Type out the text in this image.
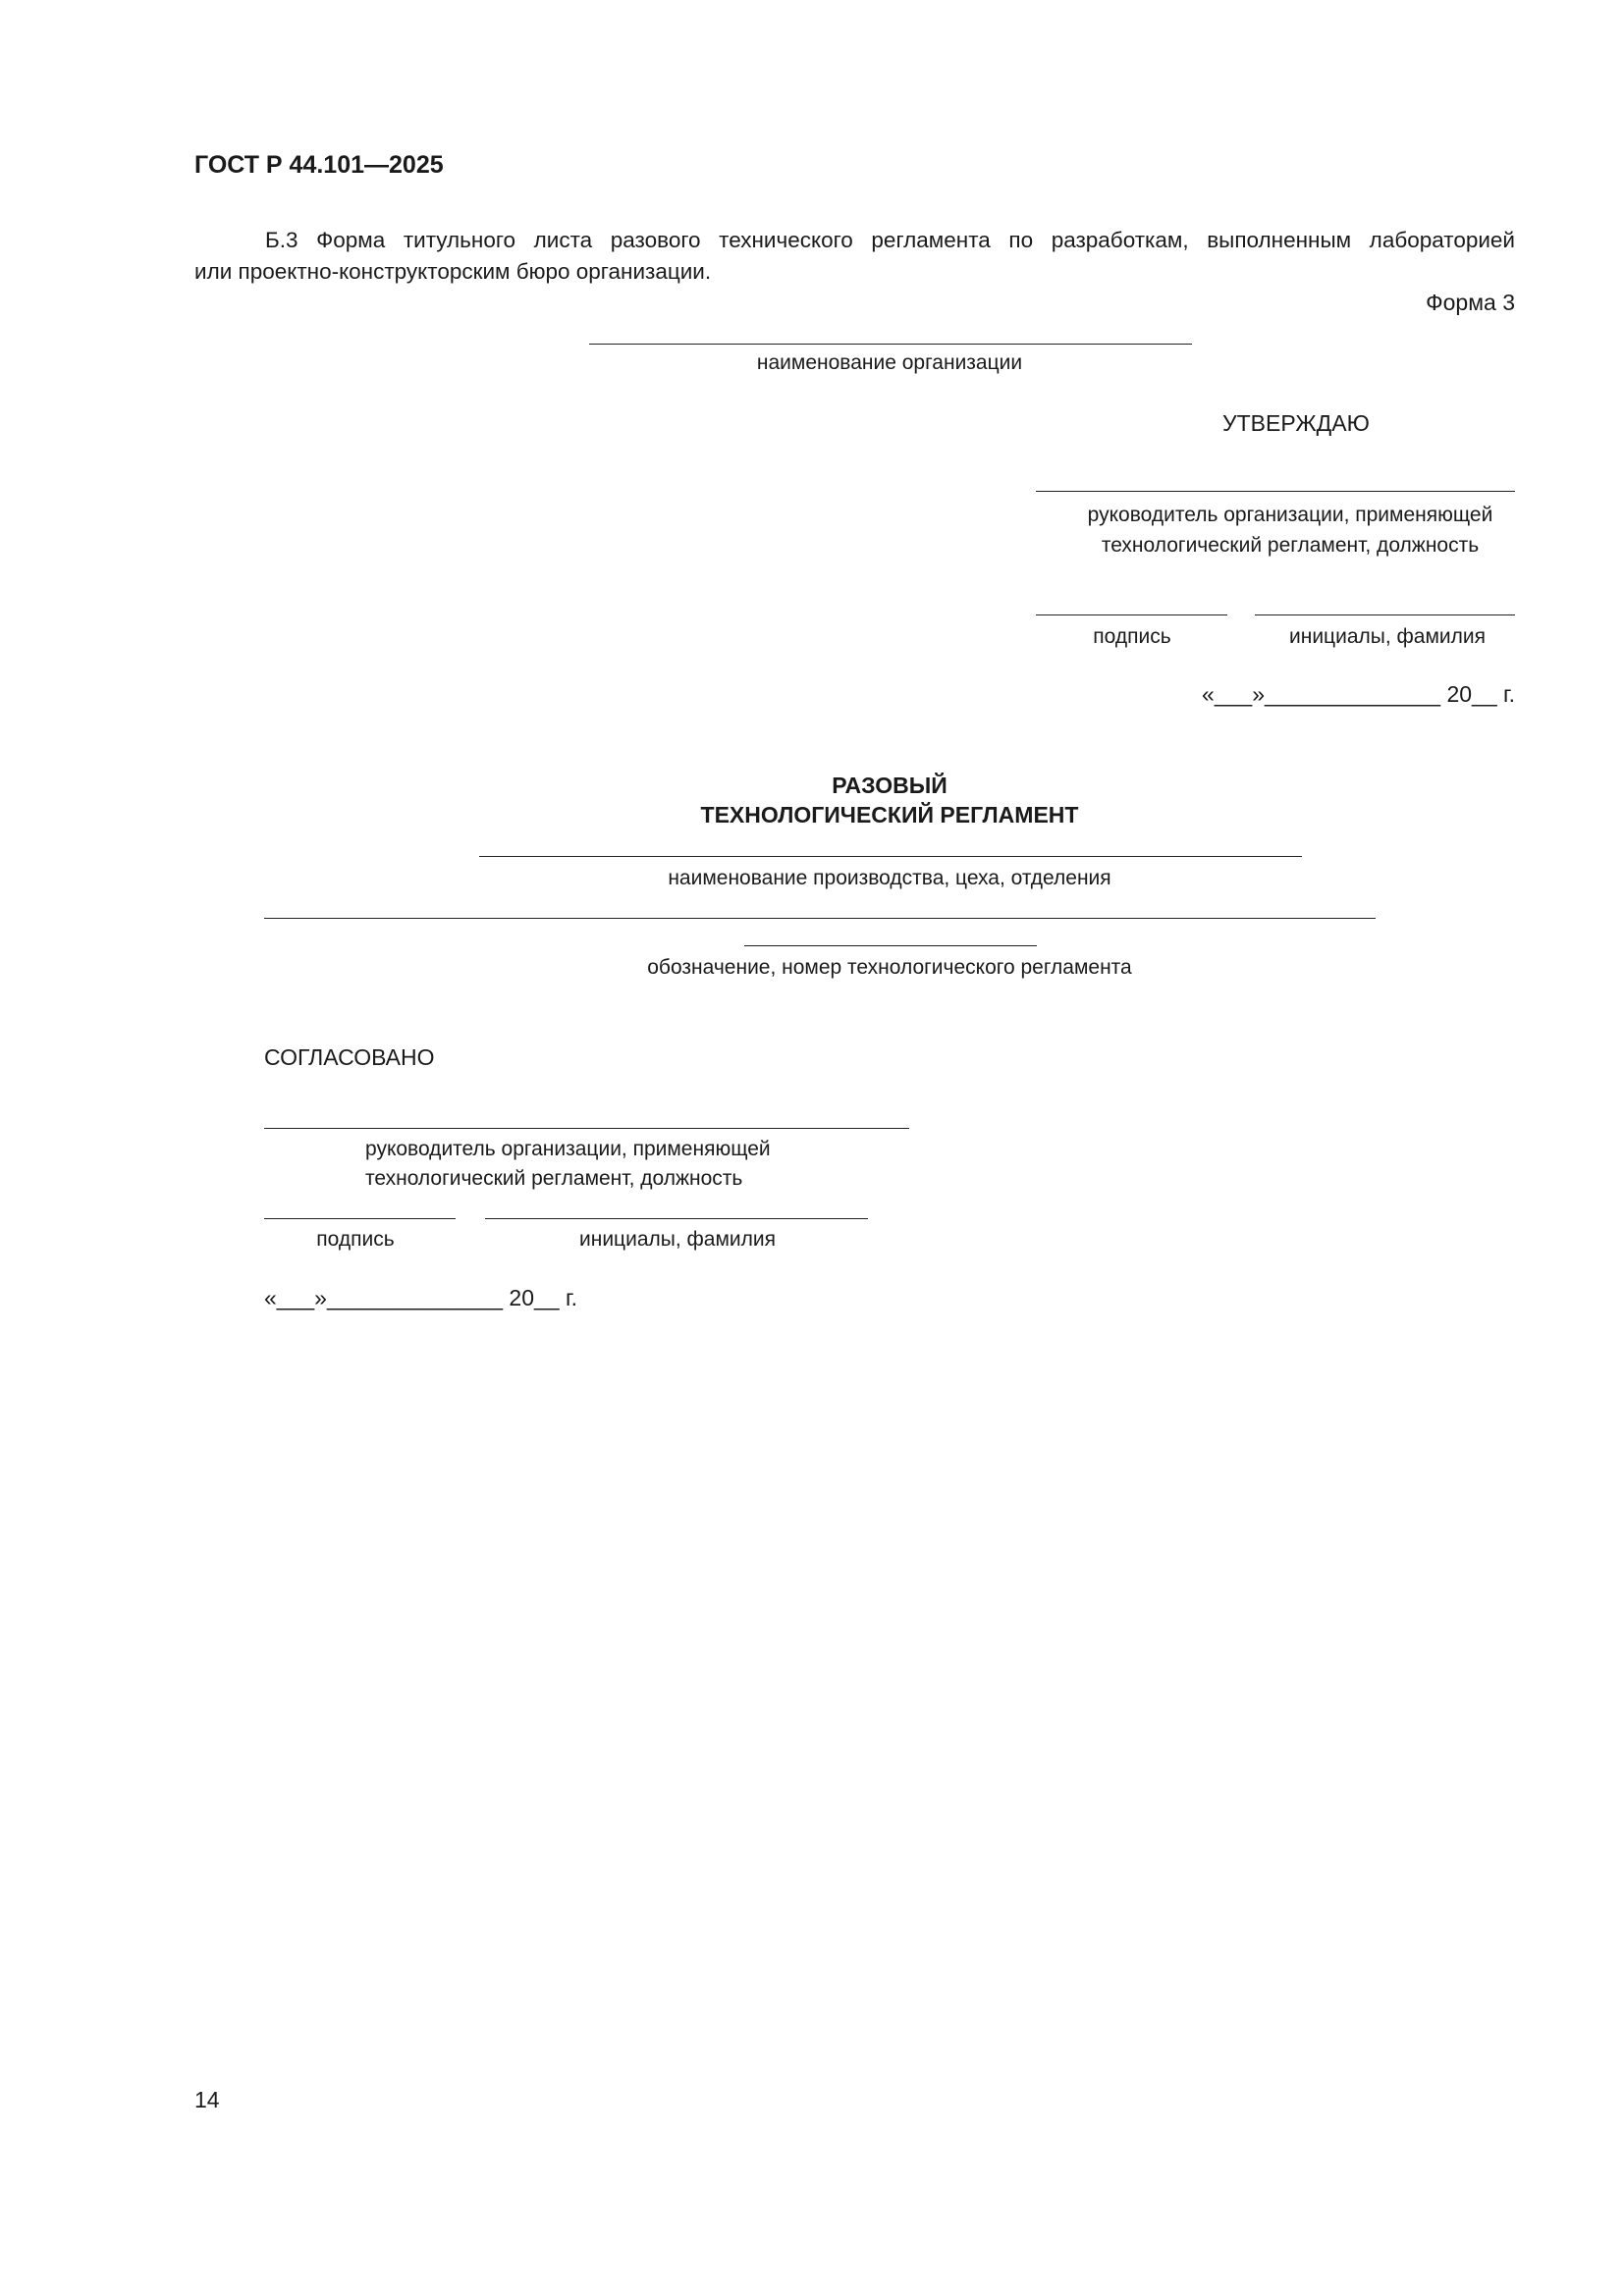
ГОСТ Р 44.101—2025
Б.3 Форма титульного листа разового технического регламента по разработкам, выполненным лабораторией
или проектно-конструкторским бюро организации.
Форма 3
наименование организации
УТВЕРЖДАЮ
руководитель организации, применяющей
технологический регламент, должность
подпись	инициалы, фамилия
«___»______________ 20__ г.
РАЗОВЫЙ
ТЕХНОЛОГИЧЕСКИЙ РЕГЛАМЕНТ
наименование производства, цеха, отделения
обозначение, номер технологического регламента
СОГЛАСОВАНО
руководитель организации, применяющей
технологический регламент, должность
подпись	инициалы, фамилия
«___»______________ 20__ г.
14
